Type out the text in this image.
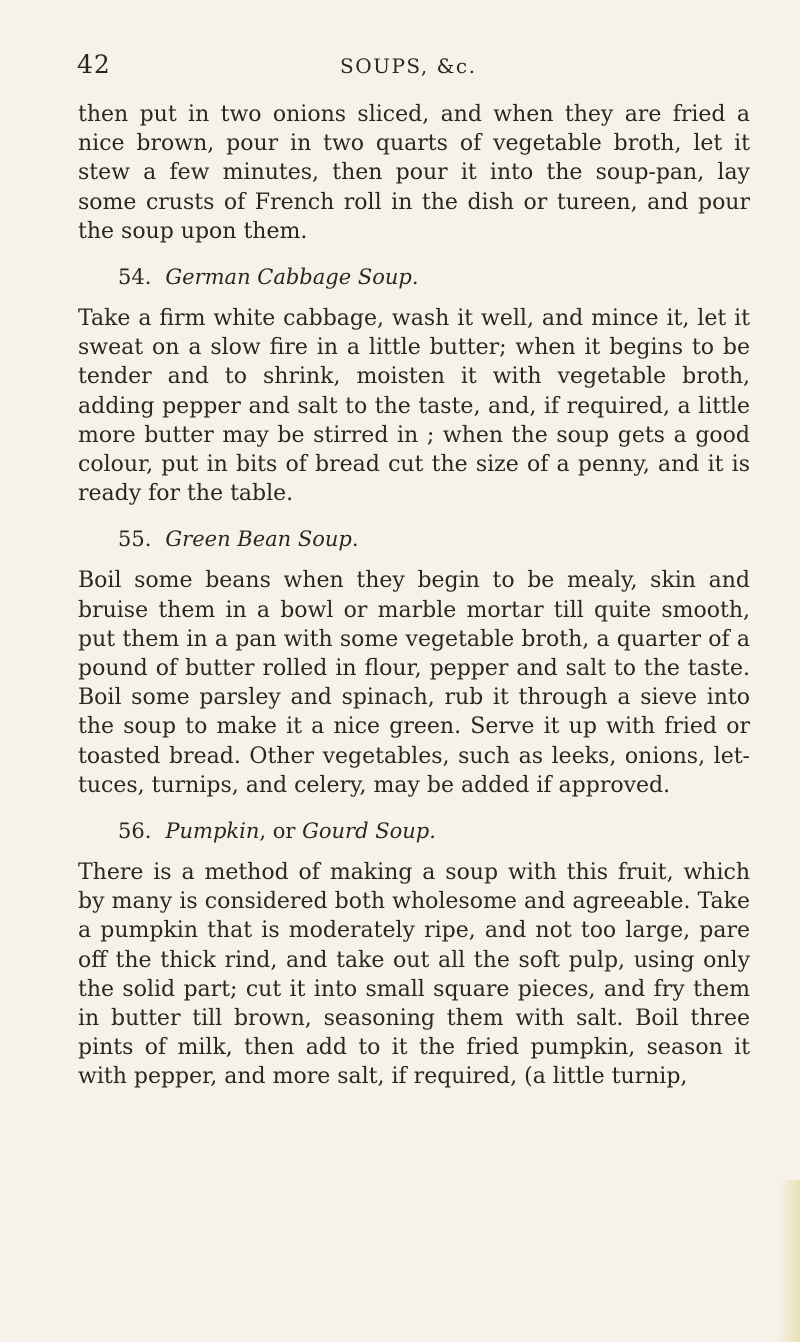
42	SOUPS, &c.

then put in two onions sliced, and when they are fried a nice brown, pour in two quarts of vegetable broth, let it stew a few minutes, then pour it into the soup-pan, lay some crusts of French roll in the dish or tureen, and pour the soup upon them.

54. German Cabbage Soup.

Take a firm white cabbage, wash it well, and mince it, let it sweat on a slow fire in a little butter; when it begins to be tender and to shrink, moisten it with vegetable broth, adding pepper and salt to the taste, and, if required, a little more butter may be stirred in ; when the soup gets a good colour, put in bits of bread cut the size of a penny, and it is ready for the table.

55. Green Bean Soup.

Boil some beans when they begin to be mealy, skin and bruise them in a bowl or marble mortar till quite smooth, put them in a pan with some vegetable broth, a quarter of a pound of butter rolled in flour, pepper and salt to the taste. Boil some parsley and spinach, rub it through a sieve into the soup to make it a nice green. Serve it up with fried or toasted bread. Other vegetables, such as leeks, onions, let-tuces, turnips, and celery, may be added if approved.

56. Pumpkin, or Gourd Soup.

There is a method of making a soup with this fruit, which by many is considered both wholesome and agreeable. Take a pumpkin that is moderately ripe, and not too large, pare off the thick rind, and take out all the soft pulp, using only the solid part; cut it into small square pieces, and fry them in butter till brown, seasoning them with salt. Boil three pints of milk, then add to it the fried pumpkin, season it with pepper, and more salt, if required, (a little turnip,
